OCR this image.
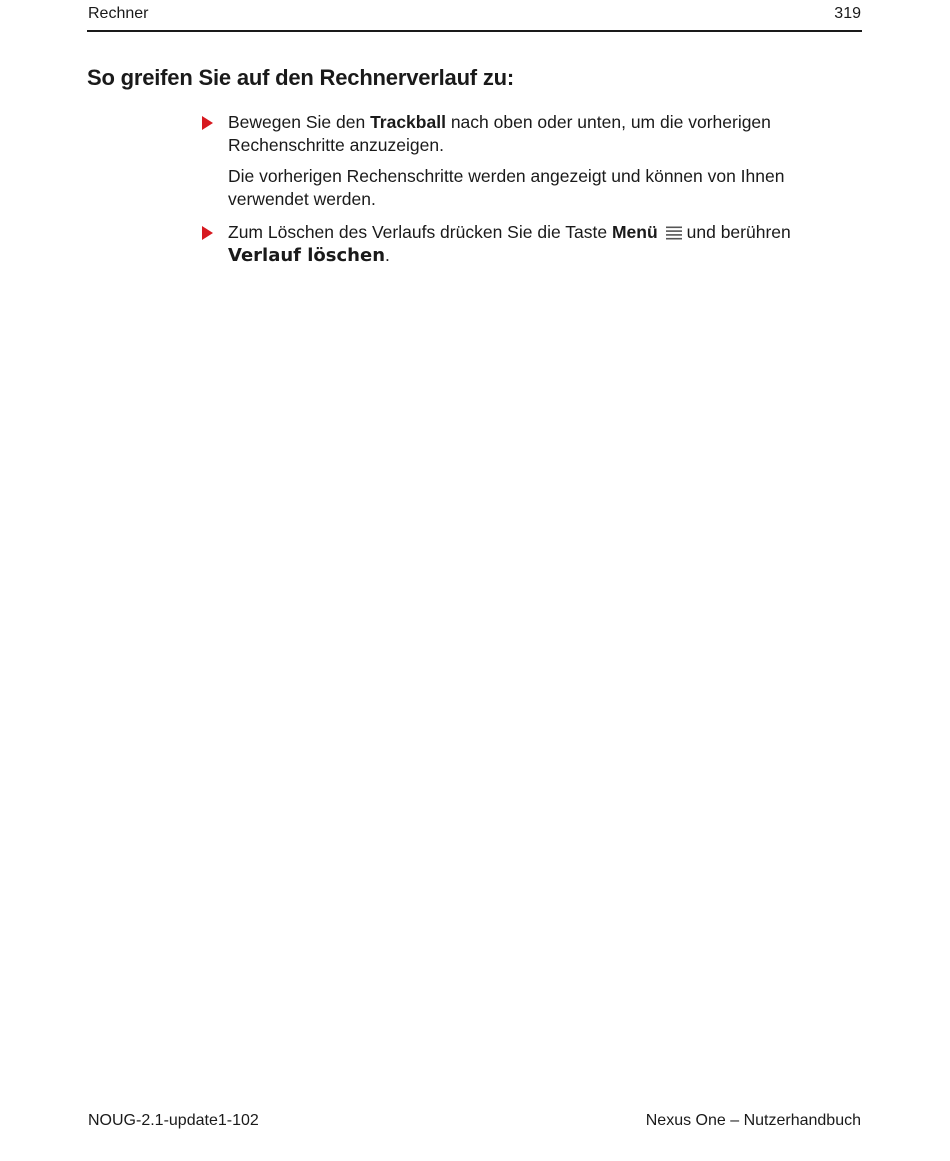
Rechner	319
So greifen Sie auf den Rechnerverlauf zu:

Bewegen Sie den Trackball nach oben oder unten, um die vorherigen Rechenschritte anzuzeigen.

Die vorherigen Rechenschritte werden angezeigt und können von Ihnen verwendet werden.

Zum Löschen des Verlaufs drücken Sie die Taste Menü und berühren Verlauf löschen.

NOUG-2.1-update1-102	Nexus One – Nutzerhandbuch
